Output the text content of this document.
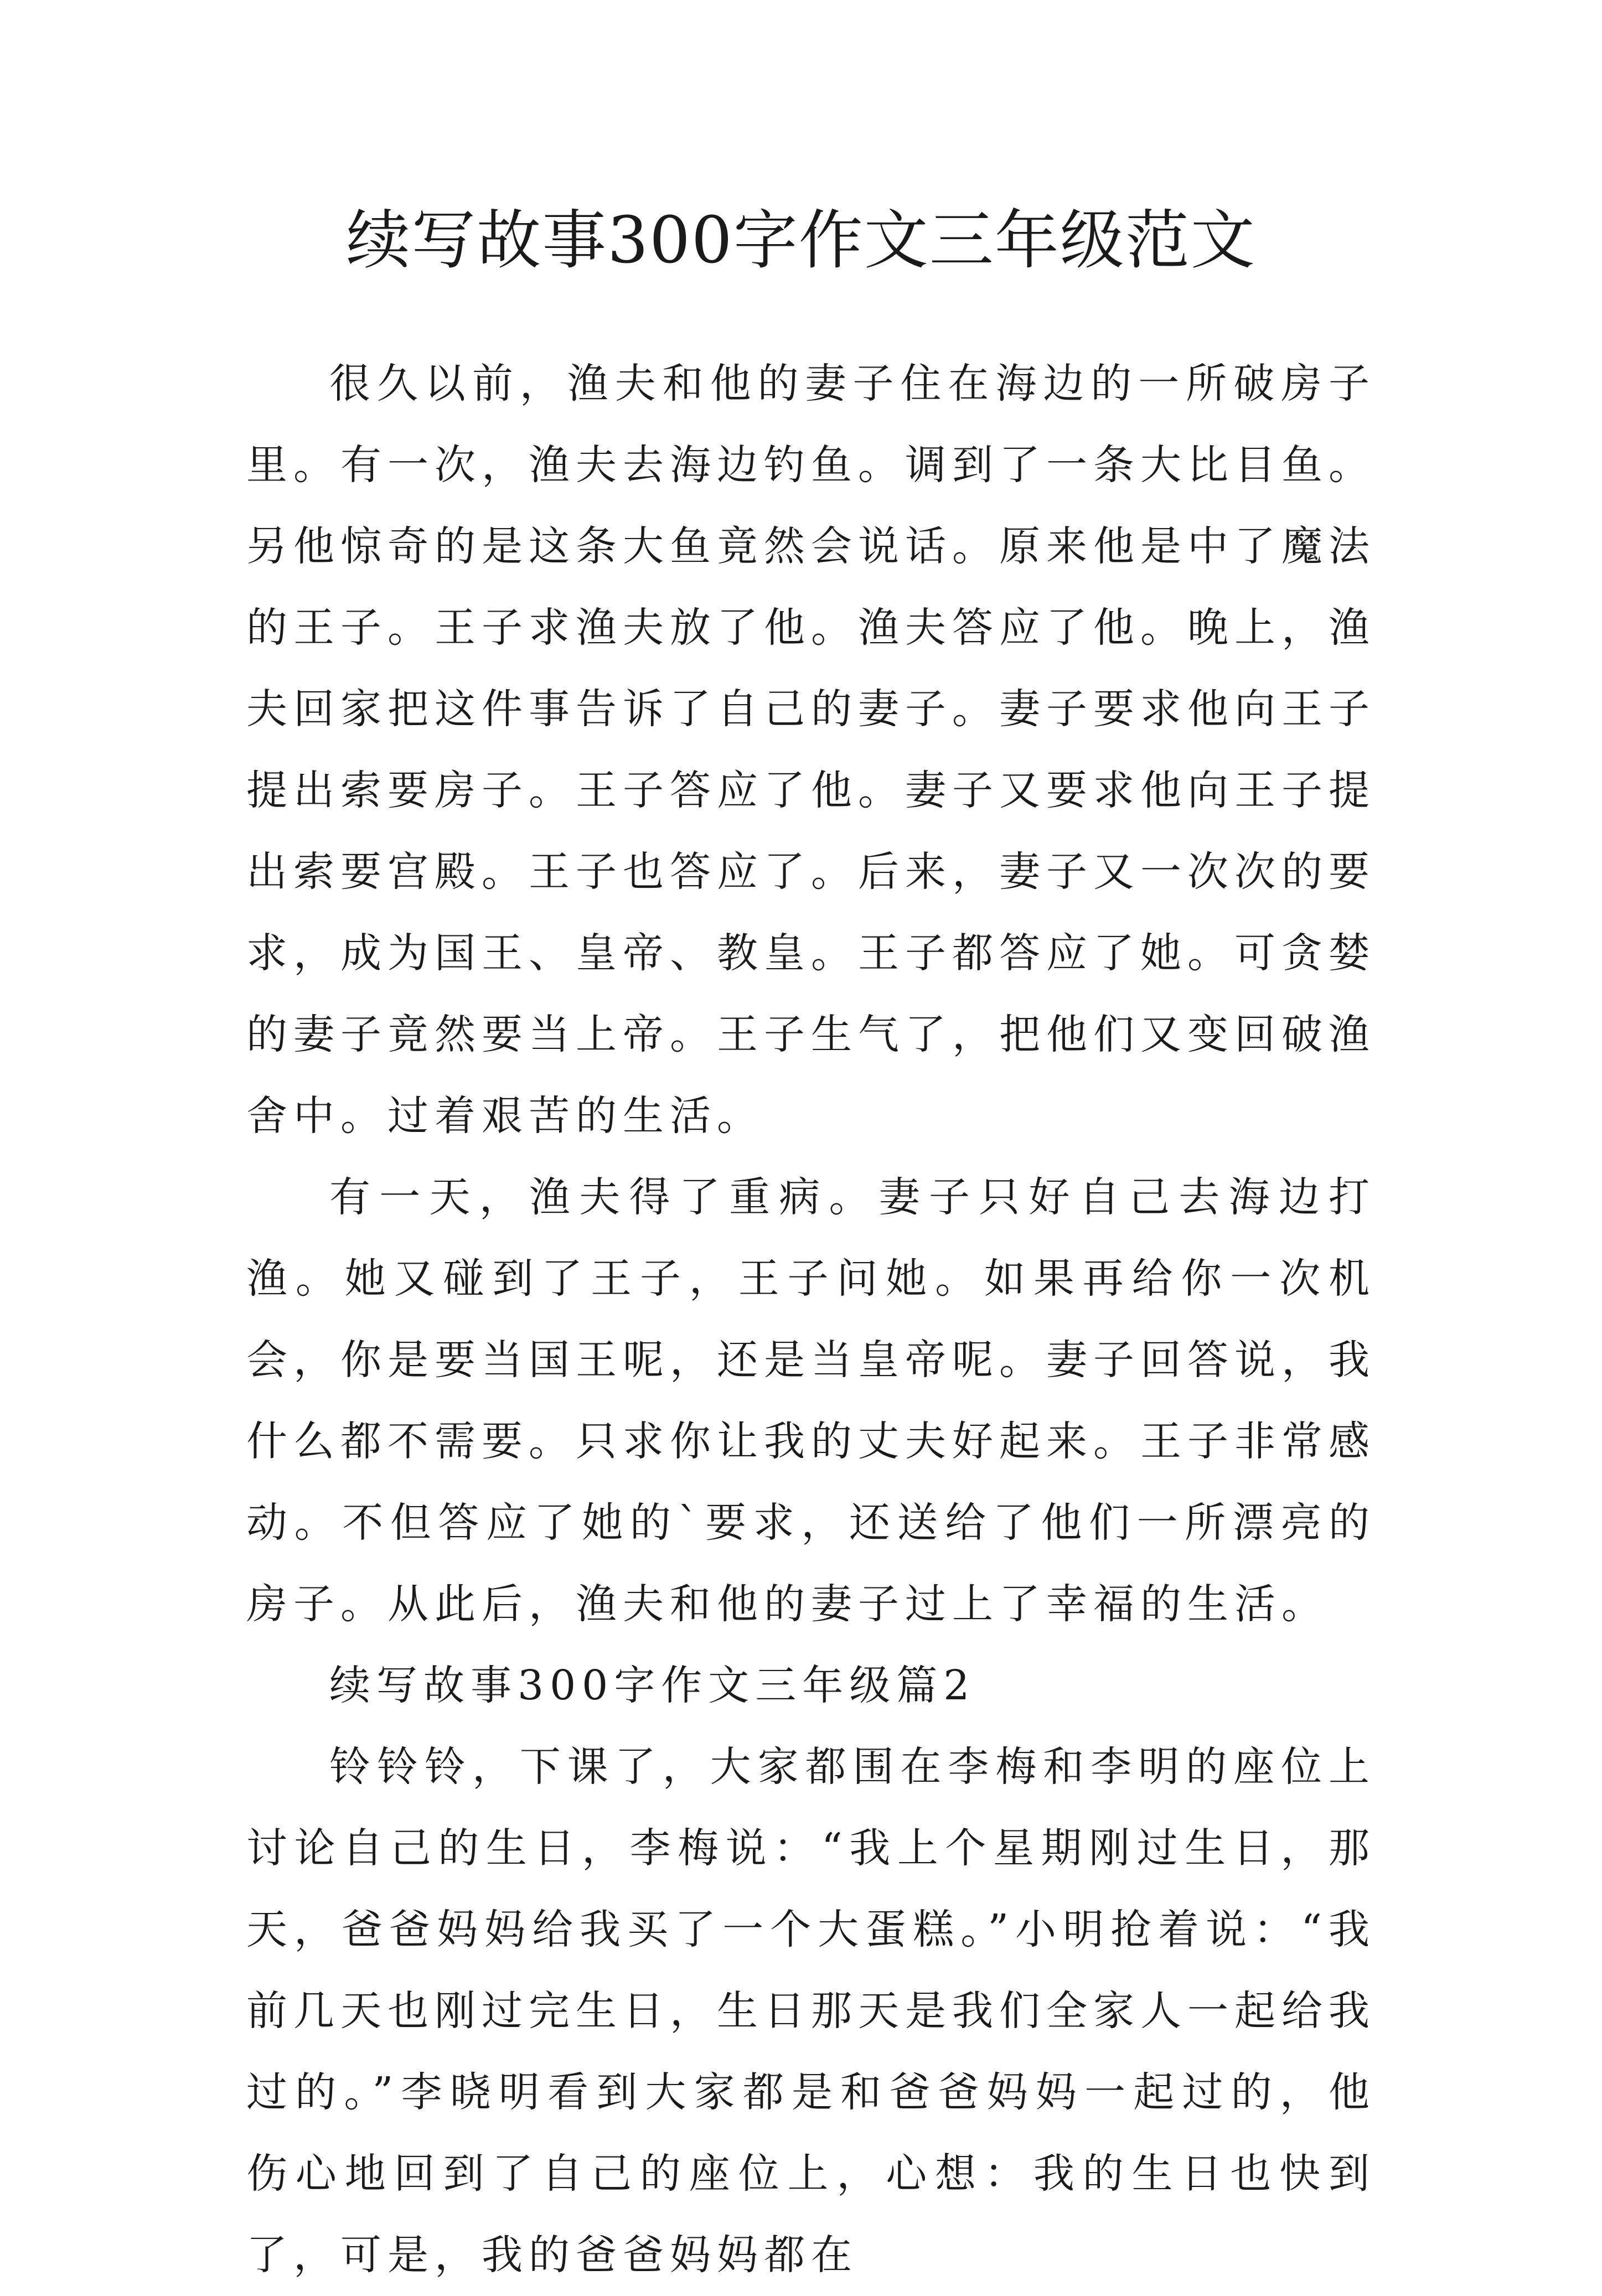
续写故事300字作文三年级范文

很久以前，渔夫和他的妻子住在海边的一所破房子里。有一次，渔夫去海边钓鱼。调到了一条大比目鱼。另他惊奇的是这条大鱼竟然会说话。原来他是中了魔法的王子。王子求渔夫放了他。渔夫答应了他。晚上，渔夫回家把这件事告诉了自己的妻子。妻子要求他向王子提出索要房子。王子答应了他。妻子又要求他向王子提出索要宫殿。王子也答应了。后来，妻子又一次次的要求，成为国王、皇帝、教皇。王子都答应了她。可贪婪的妻子竟然要当上帝。王子生气了，把他们又变回破渔舍中。过着艰苦的生活。

有一天，渔夫得了重病。妻子只好自己去海边打渔。她又碰到了王子，王子问她。如果再给你一次机会，你是要当国王呢，还是当皇帝呢。妻子回答说，我什么都不需要。只求你让我的丈夫好起来。王子非常感动。不但答应了她的`要求，还送给了他们一所漂亮的房子。从此后，渔夫和他的妻子过上了幸福的生活。

续写故事300字作文三年级篇2

铃铃铃，下课了，大家都围在李梅和李明的座位上讨论自己的生日，李梅说：“我上个星期刚过生日，那天，爸爸妈妈给我买了一个大蛋糕。”小明抢着说：“我前几天也刚过完生日，生日那天是我们全家人一起给我过的。”李晓明看到大家都是和爸爸妈妈一起过的，他伤心地回到了自己的座位上，心想：我的生日也快到了，可是，我的爸爸妈妈都在
